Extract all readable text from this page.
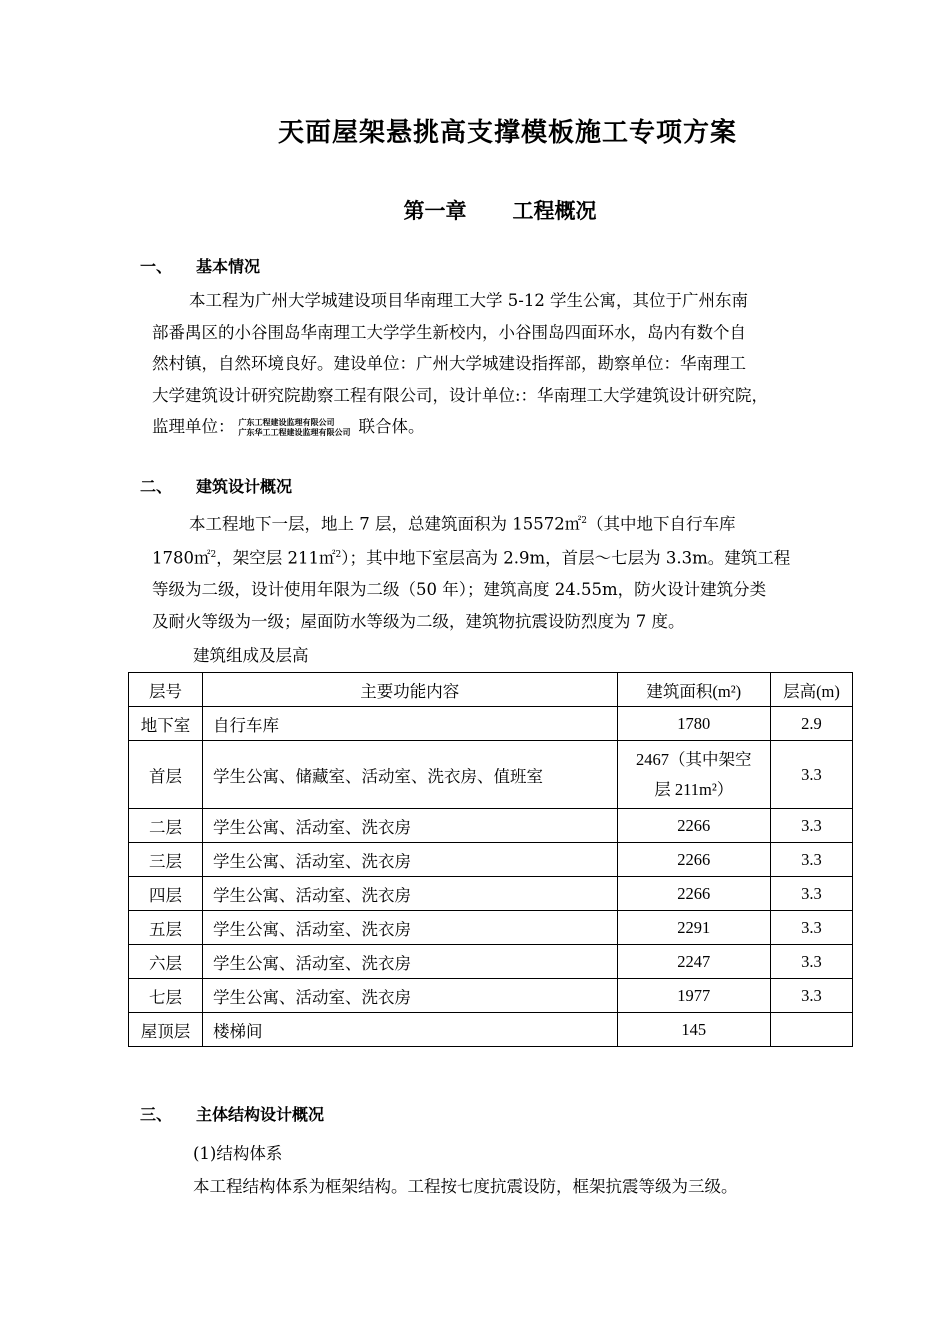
天面屋架悬挑高支撑模板施工专项方案
第一章 工程概况
一、 基本情况
本工程为广州大学城建设项目华南理工大学 5-12 学生公寓，其位于广州东南
部番禺区的小谷围岛华南理工大学学生新校内，小谷围岛四面环水，岛内有数个自
然村镇，自然环境良好。建设单位：广州大学城建设指挥部，勘察单位：华南理工
大学建筑设计研究院勘察工程有限公司，设计单位:：华南理工大学建筑设计研究院，
监理单位： 广东工程建设监理有限公司
广东华工工程建设监理有限公司 联合体。
二、 建筑设计概况
本工程地下一层，地上 7 层，总建筑面积为 15572㎡$^2$（其中地下自行车库
1780㎡$^2$，架空层 211㎡$^2$）；其中地下室层高为 2.9m，首层～七层为 3.3m。建筑工程
等级为二级，设计使用年限为二级（50 年）；建筑高度 24.55m，防火设计建筑分类
及耐火等级为一级；屋面防水等级为二级，建筑物抗震设防烈度为 7 度。
建筑组成及层高
层号	主要功能内容	建筑面积(m²)	层高(m)
地下室	自行车库	1780	2.9
首层	学生公寓、储藏室、活动室、洗衣房、值班室	2467（其中架空
层 211m²）	3.3
二层	学生公寓、活动室、洗衣房	2266	3.3
三层	学生公寓、活动室、洗衣房	2266	3.3
四层	学生公寓、活动室、洗衣房	2266	3.3
五层	学生公寓、活动室、洗衣房	2291	3.3
六层	学生公寓、活动室、洗衣房	2247	3.3
七层	学生公寓、活动室、洗衣房	1977	3.3
屋顶层	楼梯间	145	
三、 主体结构设计概况
(1)结构体系
本工程结构体系为框架结构。工程按七度抗震设防，框架抗震等级为三级。
